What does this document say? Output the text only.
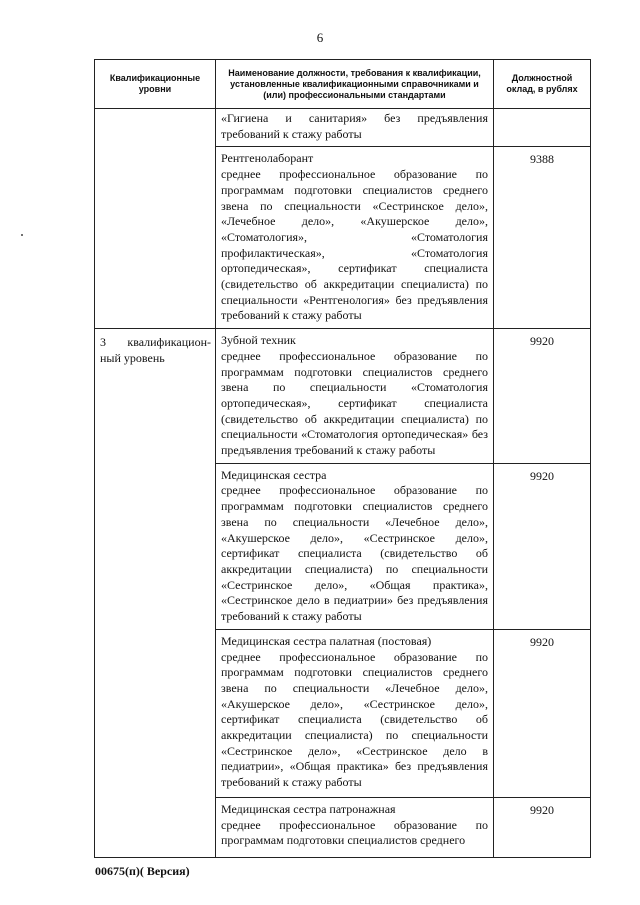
6
Квалификационные уровни	Наименование должности, требования к квалификации, установленные квалификационными справочниками и (или) профессиональными стандартами	Должностной оклад, в рублях

	«Гигиена и санитария» без предъявления требований к стажу работы	

	Рентгенолаборант
среднее профессиональное образование по программам подготовки специалистов среднего звена по специальности «Сестринское дело», «Лечебное дело», «Акушерское дело», «Стоматология», «Стоматология профилактическая», «Стоматология ортопедическая», сертификат специалиста (свидетельство об аккредитации специалиста) по специальности «Рентгенология» без предъявления требований к стажу работы	9388

3 квалификацион-
ный уровень	Зубной техник
среднее профессиональное образование по программам подготовки специалистов среднего звена по специальности «Стоматология ортопедическая», сертификат специалиста (свидетельство об аккредитации специалиста) по специальности «Стоматология ортопедическая» без предъявления требований к стажу работы	9920

	Медицинская сестра
среднее профессиональное образование по программам подготовки специалистов среднего звена по специальности «Лечебное дело», «Акушерское дело», «Сестринское дело», сертификат специалиста (свидетельство об аккредитации специалиста) по специальности «Сестринское дело», «Общая практика», «Сестринское дело в педиатрии» без предъявления требований к стажу работы	9920

	Медицинская сестра палатная (постовая)
среднее профессиональное образование по программам подготовки специалистов среднего звена по специальности «Лечебное дело», «Акушерское дело», «Сестринское дело», сертификат специалиста (свидетельство об аккредитации специалиста) по специальности «Сестринское дело», «Сестринское дело в педиатрии», «Общая практика» без предъявления требований к стажу работы	9920

	Медицинская сестра патронажная
среднее профессиональное образование по программам подготовки специалистов среднего	9920
00675(п)( Версия)
